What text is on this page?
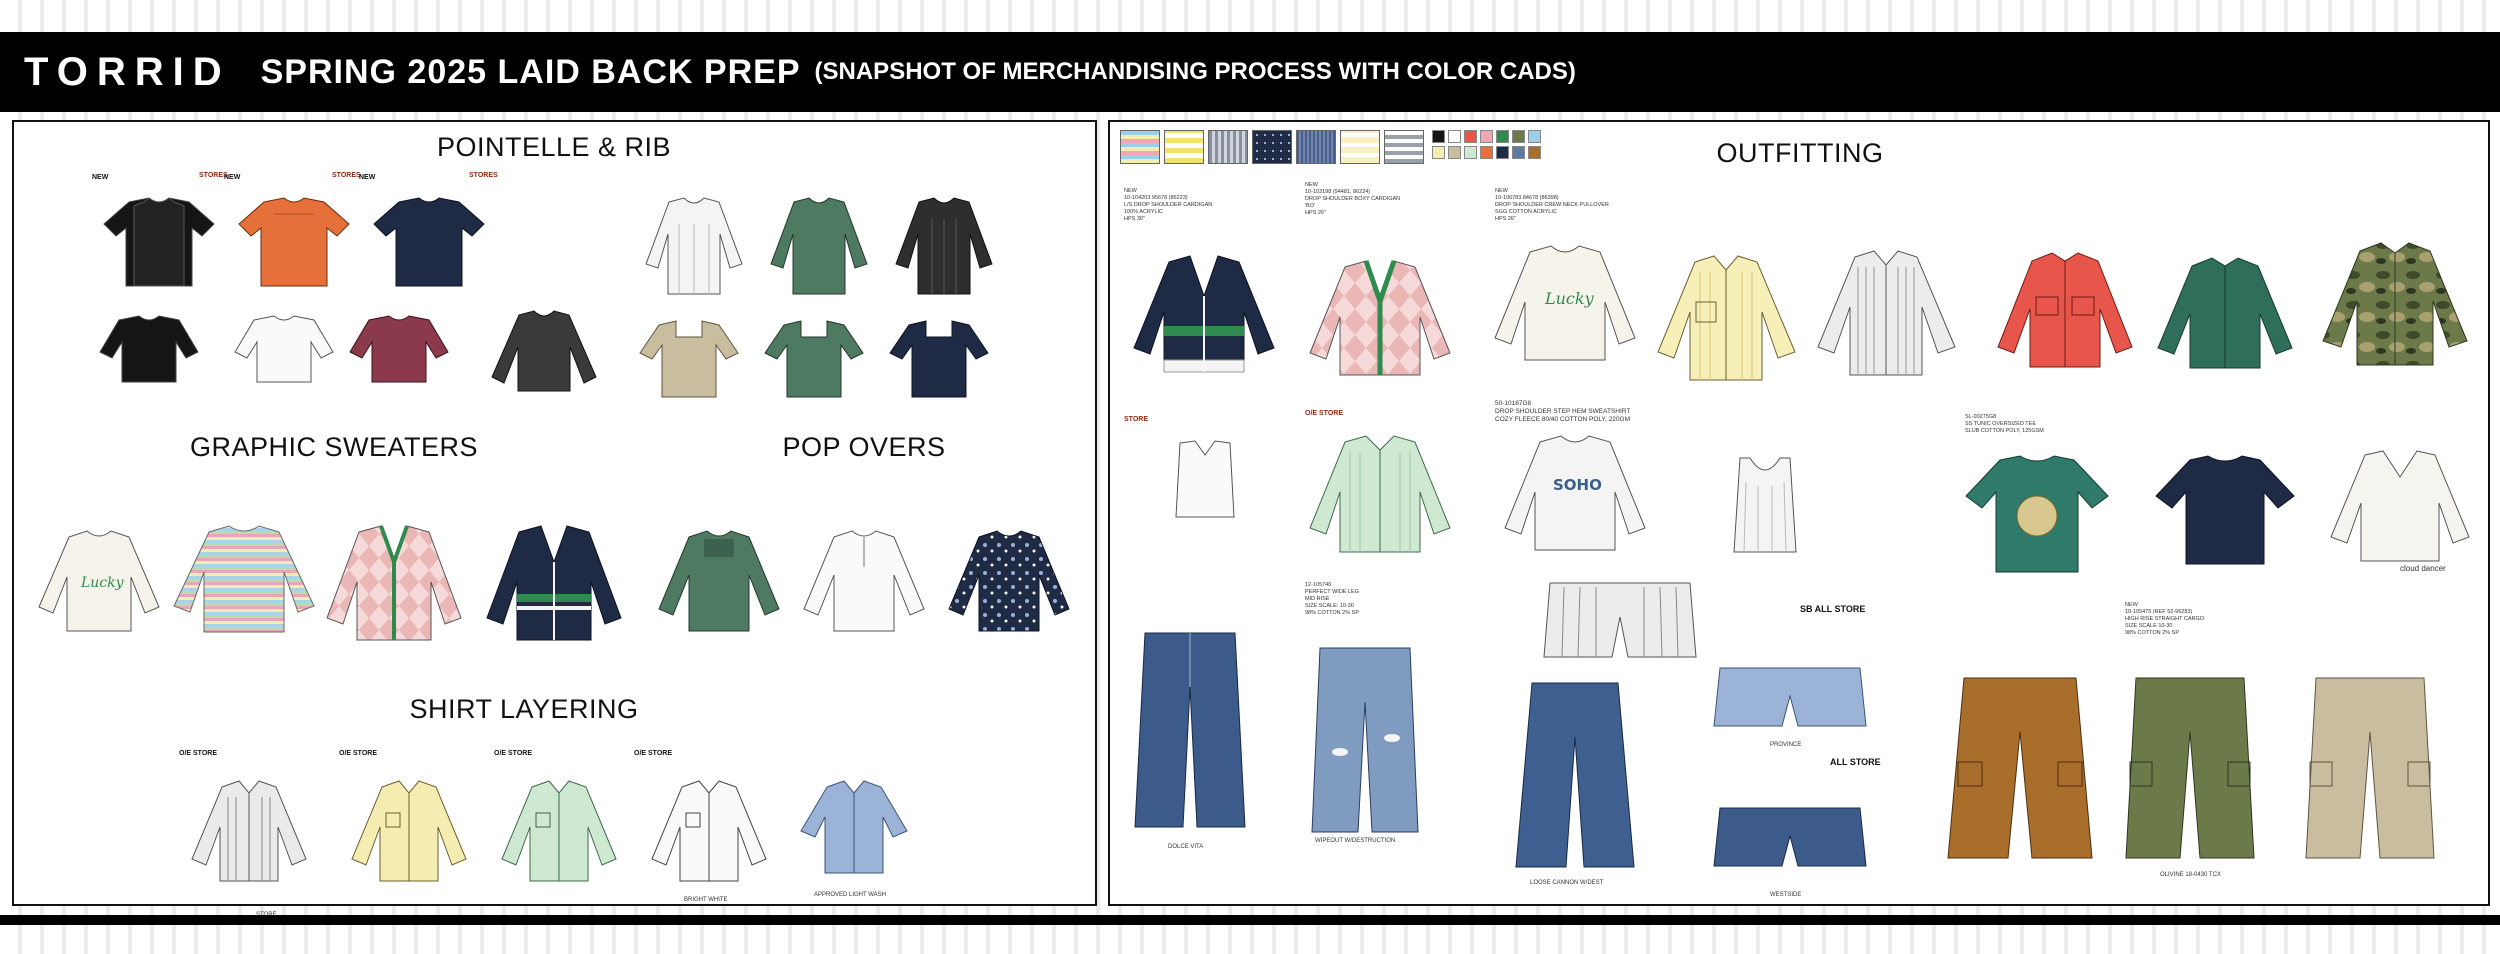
TORRID SPRING 2025 LAID BACK PREP (SNAPSHOT OF MERCHANDISING PROCESS WITH COLOR CADS)
POINTELLE & RIB
GRAPHIC SWEATERS	POP OVERS
SHIRT LAYERING
STORES	STORES	STORES
NEW	NEW	NEW
Lucky
O/E STORE	O/E STORE	O/E STORE	O/E STORE
BRIGHT WHITE
APPROVED LIGHT WASH
OUTFITTING
NEW
10-104203 95678 (86223)
L/S DROP SHOULDER CARDIGAN
100% ACRYLIC
HPS 30"
NEW
10-103198 (94481, 86224)
DROP SHOULDER BOXY CARDIGAN
'BO'
HPS 26"
NEW
10-106783 84678 (86398)
DROP SHOULDER CREW NECK PULLOVER
SGG COTTON ACRYLIC
HPS 26"
Lucky
STORE
O/E STORE
50-10187G8
DROP SHOULDER STEP HEM SWEATSHIRT
COZY FLEECE 80/40 COTTON POLY, 220GM	SL-00275G8
SS TUNIC OVERSIZED TEE
SLUB COTTON POLY, 125GSM
SOHO
cloud dancer
12-105740
PERFECT WIDE LEG
MID RISE
SIZE SCALE: 10-30
98% COTTON 2% SP
NEW
19-105475 (REF 52-96283)
HIGH RISE STRAIGHT CARGO
SIZE SCALE 10-30
98% COTTON 2% SP
SB ALL STORE
ALL STORE
DOLCE VITA
WIPEOUT W/DESTRUCTION
LOOSE CANNON W/DEST
PROVINCE
WESTSIDE
OLIVINE 18-0430 TCX
